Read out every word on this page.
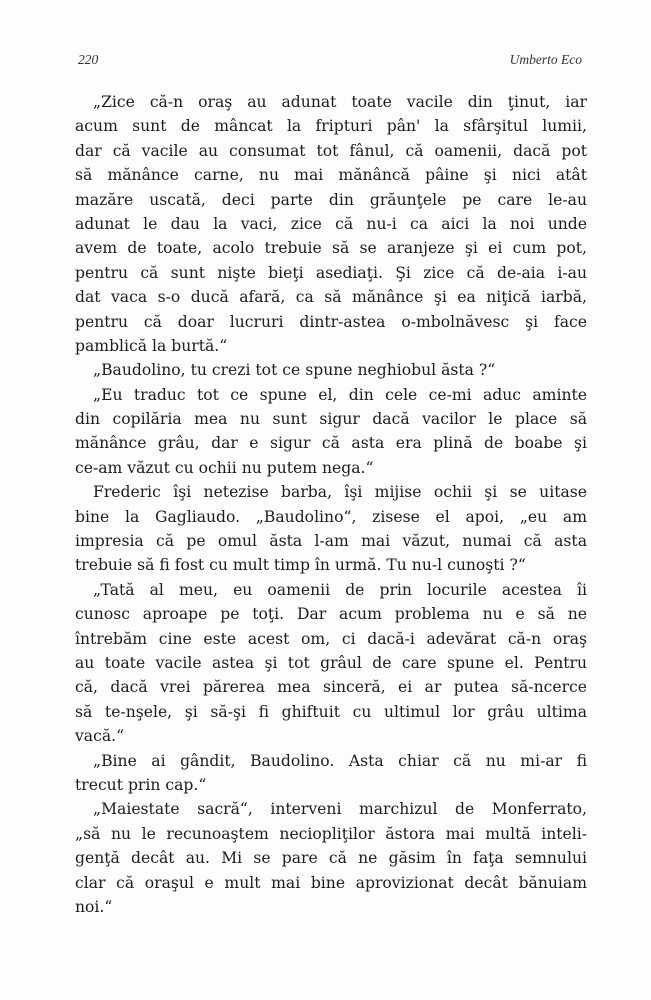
220	Umberto Eco
„Zice că-n oraş au adunat toate vacile din ţinut, iar
acum sunt de mâncat la fripturi pân' la sfârşitul lumii,
dar că vacile au consumat tot fânul, că oamenii, dacă pot
să mănânce carne, nu mai mănâncă pâine şi nici atât
mazăre uscată, deci parte din grăunţele pe care le-au
adunat le dau la vaci, zice că nu-i ca aici la noi unde
avem de toate, acolo trebuie să se aranjeze şi ei cum pot,
pentru că sunt nişte bieţi asediaţi. Şi zice că de-aia i-au
dat vaca s-o ducă afară, ca să mănânce şi ea niţică iarbă,
pentru că doar lucruri dintr-astea o-mbolnăvesc şi face
pamblică la burtă.“
„Baudolino, tu crezi tot ce spune neghiobul ăsta ?“
„Eu traduc tot ce spune el, din cele ce-mi aduc aminte
din copilăria mea nu sunt sigur dacă vacilor le place să
mănânce grâu, dar e sigur că asta era plină de boabe şi
ce-am văzut cu ochii nu putem nega.“
Frederic îşi netezise barba, îşi mijise ochii şi se uitase
bine la Gagliaudo. „Baudolino“, zisese el apoi, „eu am
impresia că pe omul ăsta l-am mai văzut, numai că asta
trebuie să fi fost cu mult timp în urmă. Tu nu-l cunoşti ?“
„Tată al meu, eu oamenii de prin locurile acestea îi
cunosc aproape pe toţi. Dar acum problema nu e să ne
întrebăm cine este acest om, ci dacă-i adevărat că-n oraş
au toate vacile astea şi tot grâul de care spune el. Pentru
că, dacă vrei părerea mea sinceră, ei ar putea să-ncerce
să te-nşele, şi să-şi fi ghiftuit cu ultimul lor grâu ultima
vacă.“
„Bine ai gândit, Baudolino. Asta chiar că nu mi-ar fi
trecut prin cap.“
„Maiestate sacră“, interveni marchizul de Monferrato,
„să nu le recunoaştem neciopliţilor ăstora mai multă inteli-
genţă decât au. Mi se pare că ne găsim în faţa semnului
clar că oraşul e mult mai bine aprovizionat decât bănuiam
noi.“
